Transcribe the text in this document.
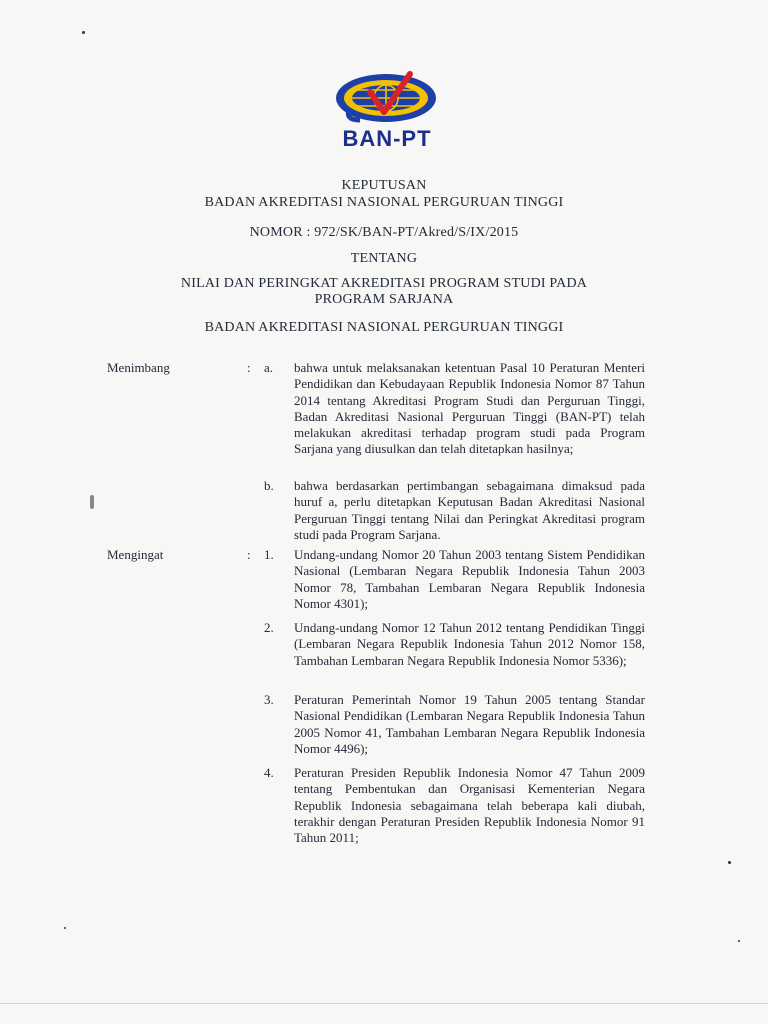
BAN-PT
KEPUTUSAN
BADAN AKREDITASI NASIONAL PERGURUAN TINGGI
NOMOR : 972/SK/BAN-PT/Akred/S/IX/2015
TENTANG
NILAI DAN PERINGKAT AKREDITASI PROGRAM STUDI PADA
PROGRAM SARJANA
BADAN AKREDITASI NASIONAL PERGURUAN TINGGI
Menimbang	: a. bahwa untuk melaksanakan ketentuan Pasal 10 Peraturan Menteri Pendidikan dan Kebudayaan Republik Indonesia Nomor 87 Tahun 2014 tentang Akreditasi Program Studi dan Perguruan Tinggi, Badan Akreditasi Nasional Perguruan Tinggi (BAN-PT) telah melakukan akreditasi terhadap program studi pada Program Sarjana yang diusulkan dan telah ditetapkan hasilnya;
b. bahwa berdasarkan pertimbangan sebagaimana dimaksud pada huruf a, perlu ditetapkan Keputusan Badan Akreditasi Nasional Perguruan Tinggi tentang Nilai dan Peringkat Akreditasi program studi pada Program Sarjana.
Mengingat	: 1. Undang-undang Nomor 20 Tahun 2003 tentang Sistem Pendidikan Nasional (Lembaran Negara Republik Indonesia Tahun 2003 Nomor 78, Tambahan Lembaran Negara Republik Indonesia Nomor 4301);
2. Undang-undang Nomor 12 Tahun 2012 tentang Pendidikan Tinggi (Lembaran Negara Republik Indonesia Tahun 2012 Nomor 158, Tambahan Lembaran Negara Republik Indonesia Nomor 5336);
3. Peraturan Pemerintah Nomor 19 Tahun 2005 tentang Standar Nasional Pendidikan (Lembaran Negara Republik Indonesia Tahun 2005 Nomor 41, Tambahan Lembaran Negara Republik Indonesia Nomor 4496);
4. Peraturan Presiden Republik Indonesia Nomor 47 Tahun 2009 tentang Pembentukan dan Organisasi Kementerian Negara Republik Indonesia sebagaimana telah beberapa kali diubah, terakhir dengan Peraturan Presiden Republik Indonesia Nomor 91 Tahun 2011;
